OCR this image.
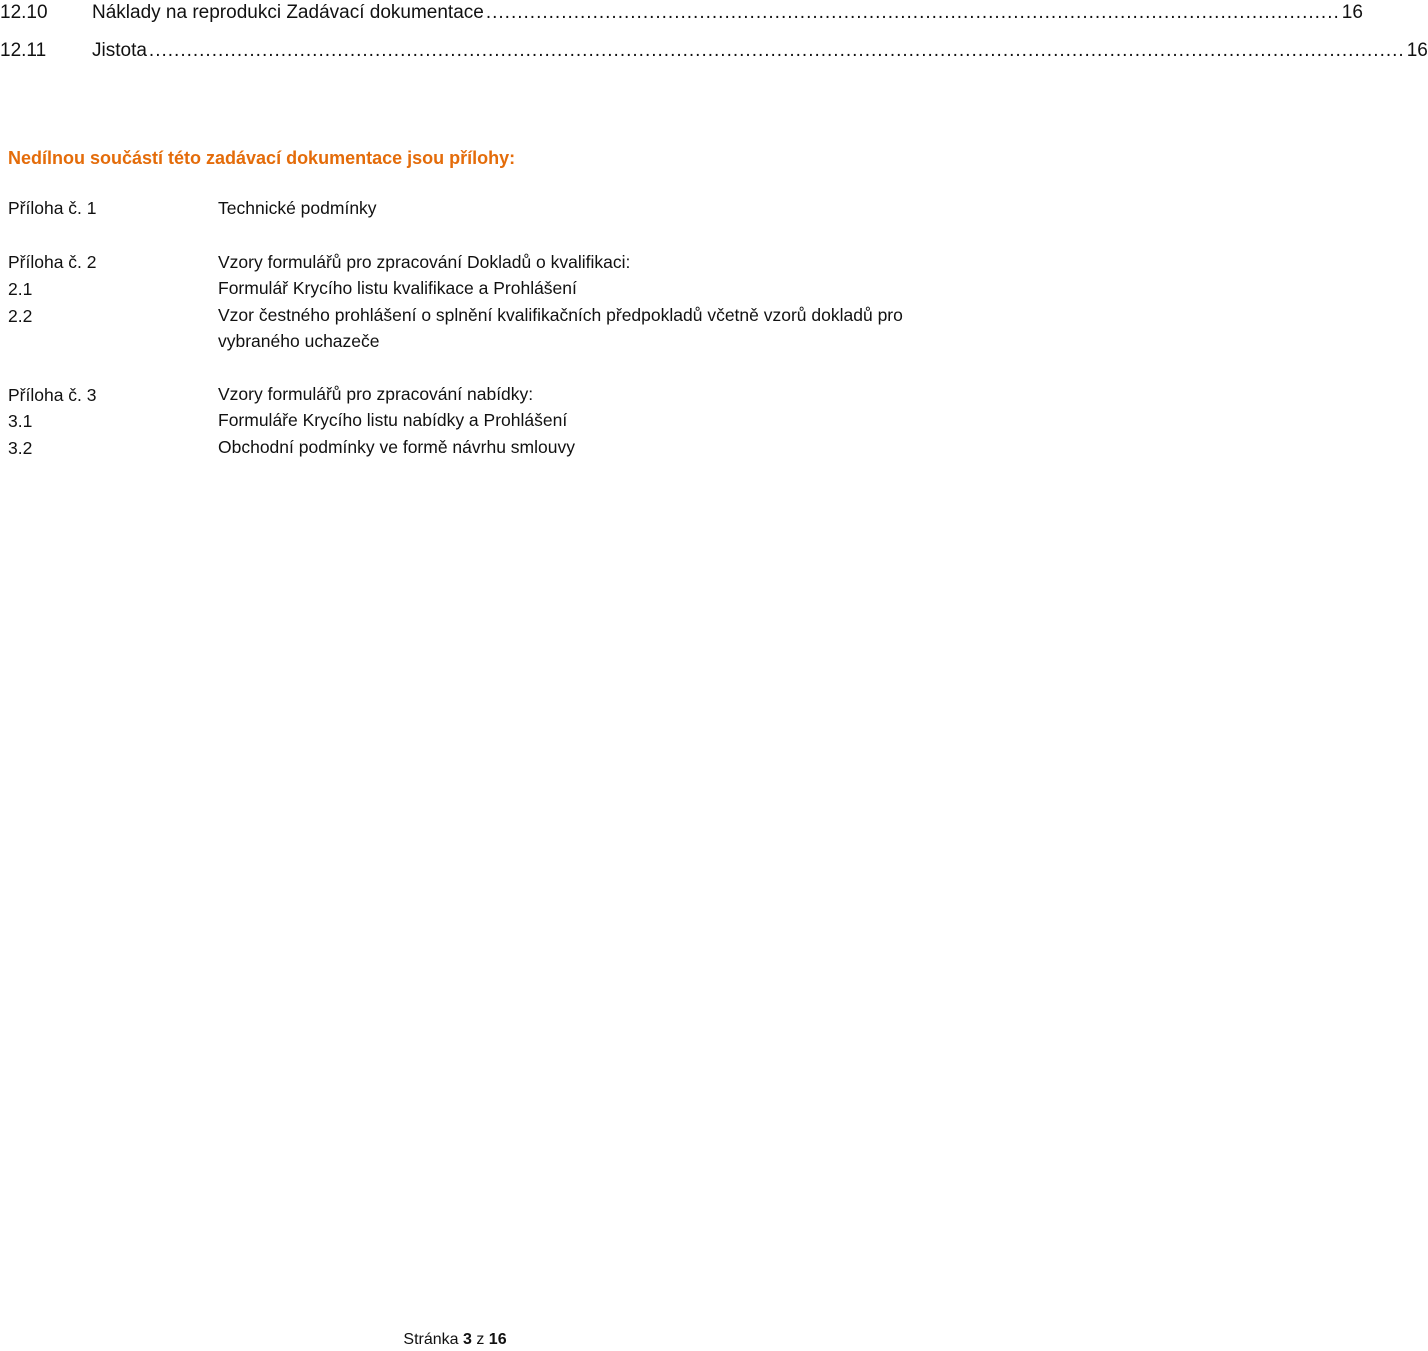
12.10	Náklady na reprodukci Zadávací dokumentace ........................................................................................................................................ 16
12.11	Jistota ........................................................................................................................................................................................................ 16
Nedílnou součástí této zadávací dokumentace jsou přílohy:
Příloha č. 1	Technické podmínky
Příloha č. 2	Vzory formulářů pro zpracování Dokladů o kvalifikaci:
2.1	Formulář Krycího listu kvalifikace a Prohlášení
2.2	Vzor čestného prohlášení o splnění kvalifikačních předpokladů včetně vzorů dokladů pro vybraného uchazeče
Příloha č. 3	Vzory formulářů pro zpracování nabídky:
3.1	Formuláře Krycího listu nabídky a Prohlášení
3.2	Obchodní podmínky ve formě návrhu smlouvy
Stránka 3 z 16
